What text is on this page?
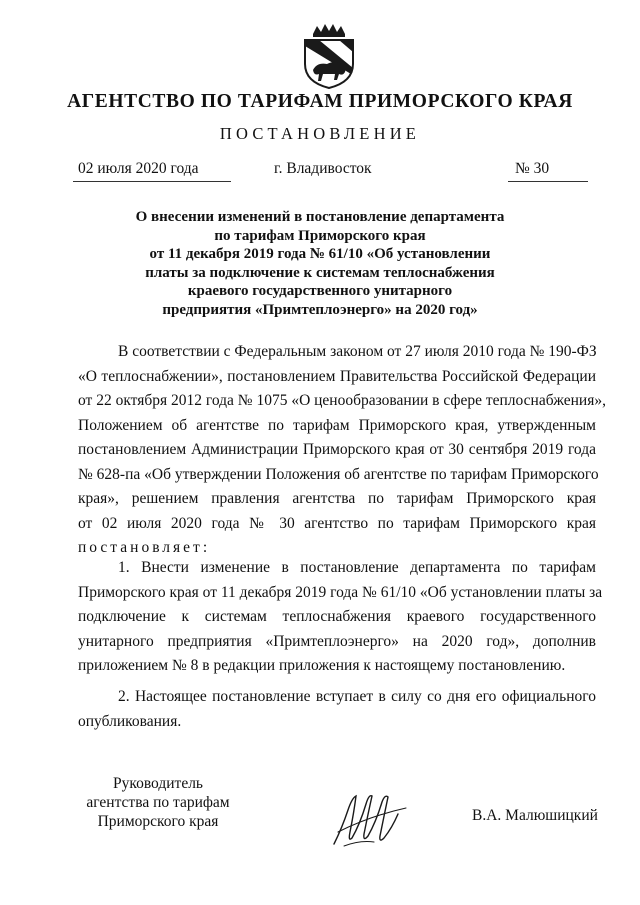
АГЕНТСТВО ПО ТАРИФАМ ПРИМОРСКОГО КРАЯ
ПОСТАНОВЛЕНИЕ
02 июля 2020 года	г. Владивосток	№ 30
О внесении изменений в постановление департамента
по тарифам Приморского края
от 11 декабря 2019 года № 61/10 «Об установлении
платы за подключение к системам теплоснабжения
краевого государственного унитарного
предприятия «Примтеплоэнерго» на 2020 год»
В соответствии с Федеральным законом от 27 июля 2010 года № 190-ФЗ
«О теплоснабжении», постановлением Правительства Российской Федерации
от 22 октября 2012 года № 1075 «О ценообразовании в сфере теплоснабжения»,
Положением об агентстве по тарифам Приморского края, утвержденным
постановлением Администрации Приморского края от 30 сентября 2019 года
№ 628-па «Об утверждении Положения об агентстве по тарифам Приморского
края», решением правления агентства по тарифам Приморского края
от 02 июля 2020 года № 30 агентство по тарифам Приморского края
постановляет:
1. Внести изменение в постановление департамента по тарифам
Приморского края от 11 декабря 2019 года № 61/10 «Об установлении платы за
подключение к системам теплоснабжения краевого государственного
унитарного предприятия «Примтеплоэнерго» на 2020 год», дополнив
приложением № 8 в редакции приложения к настоящему постановлению.
2. Настоящее постановление вступает в силу со дня его официального
опубликования.
Руководитель
агентства по тарифам
Приморского края	В.А. Малюшицкий
